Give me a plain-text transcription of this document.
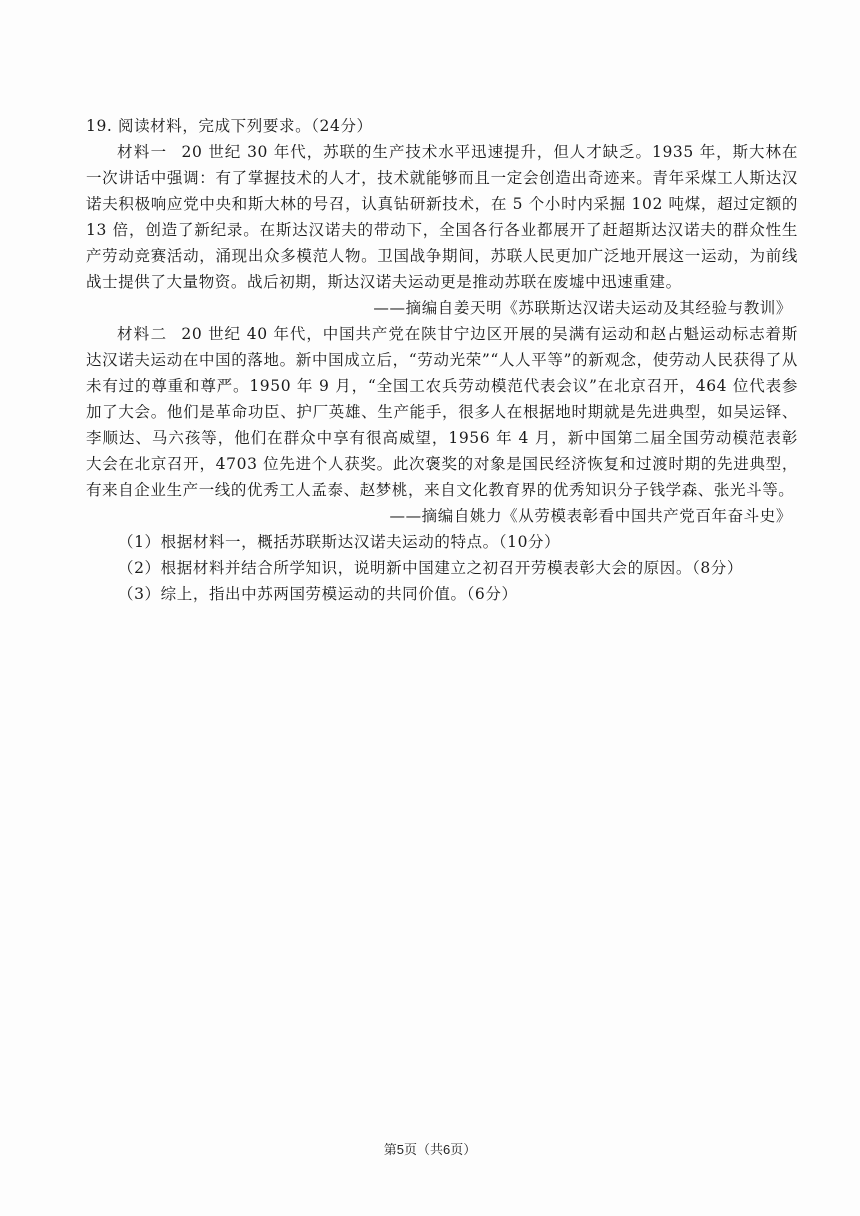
19. 阅读材料，完成下列要求。（24分）

材料一 20 世纪 30 年代，苏联的生产技术水平迅速提升，但人才缺乏。1935 年，斯大林在一次讲话中强调：有了掌握技术的人才，技术就能够而且一定会创造出奇迹来。青年采煤工人斯达汉诺夫积极响应党中央和斯大林的号召，认真钻研新技术，在 5 个小时内采掘 102 吨煤，超过定额的 13 倍，创造了新纪录。在斯达汉诺夫的带动下，全国各行各业都展开了赶超斯达汉诺夫的群众性生产劳动竞赛活动，涌现出众多模范人物。卫国战争期间，苏联人民更加广泛地开展这一运动，为前线战士提供了大量物资。战后初期，斯达汉诺夫运动更是推动苏联在废墟中迅速重建。

——摘编自姜天明《苏联斯达汉诺夫运动及其经验与教训》

材料二 20 世纪 40 年代，中国共产党在陕甘宁边区开展的吴满有运动和赵占魁运动标志着斯达汉诺夫运动在中国的落地。新中国成立后，“劳动光荣”“人人平等”的新观念，使劳动人民获得了从未有过的尊重和尊严。1950 年 9 月，“全国工农兵劳动模范代表会议”在北京召开，464 位代表参加了大会。他们是革命功臣、护厂英雄、生产能手，很多人在根据地时期就是先进典型，如吴运铎、李顺达、马六孩等，他们在群众中享有很高威望，1956 年 4 月，新中国第二届全国劳动模范表彰大会在北京召开，4703 位先进个人获奖。此次褒奖的对象是国民经济恢复和过渡时期的先进典型，有来自企业生产一线的优秀工人孟泰、赵梦桃，来自文化教育界的优秀知识分子钱学森、张光斗等。

——摘编自姚力《从劳模表彰看中国共产党百年奋斗史》

（1）根据材料一，概括苏联斯达汉诺夫运动的特点。（10分）

（2）根据材料并结合所学知识，说明新中国建立之初召开劳模表彰大会的原因。（8分）

（3）综上，指出中苏两国劳模运动的共同价值。（6分）

第5页（共6页）
